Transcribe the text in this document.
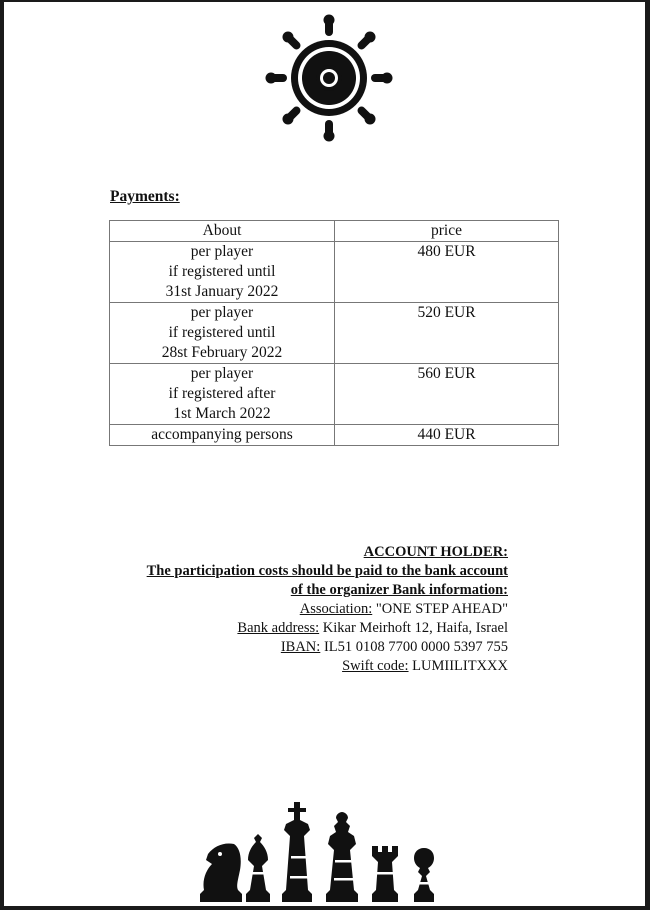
Payments:

About	price

per player
if registered until
31st January 2022	480 EUR

per player
if registered until
28st February 2022	520 EUR

per player
if registered after
1st March 2022	560 EUR
accompanying persons	440 EUR
ACCOUNT HOLDER:
The participation costs should be paid to the bank account
of the organizer Bank information:
Association: "ONE STEP AHEAD"
Bank address: Kikar Meirhoft 12, Haifa, Israel
IBAN: IL51 0108 7700 0000 5397 755
Swift code: LUMIILITXXX
